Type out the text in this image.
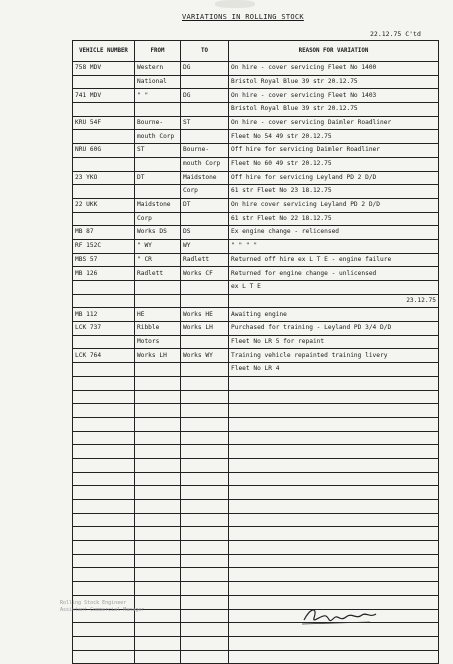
VARIATIONS IN ROLLING STOCK
22.12.75 C'td
VEHICLE NUMBER	FROM	TO	REASON FOR VARIATION
758 MDV	Western	DG	On hire - cover servicing Fleet No 1400
	National		Bristol Royal Blue 39 str 20.12.75
741 MDV	" "	DG	On hire - cover servicing Fleet No 1403
			Bristol Royal Blue 39 str 20.12.75
KRU 54F	Bourne-	ST	On hire - cover servicing Daimler Roadliner
	mouth Corp		Fleet No 54 49 str 20.12.75
NRU 60G	ST	Bourne-	Off hire for servicing Daimler Roadliner
		mouth Corp	Fleet No 60 49 str 20.12.75
23 YKO	DT	Maidstone	Off hire for servicing Leyland PD 2 D/D
		Corp	61 str Fleet No 23 18.12.75
22 UKK	Maidstone	DT	On hire cover servicing Leyland PD 2 D/D
	Corp		61 str Fleet No 22 18.12.75
MB 87	Works DS	DS	Ex engine change - relicensed
RF 152C	" WY	WY	" " " "
MBS 57	" CR	Radlett	Returned off hire ex L T E - engine failure
MB 126	Radlett	Works CF	Returned for engine change - unlicensed
			ex L T E
			23.12.75
MB 112	HE	Works HE	Awaiting engine
LCK 737	Ribble	Works LH	Purchased for training - Leyland PD 3/4 D/D
	Motors		Fleet No LR 5 for repaint
LCK 764	Works LH	Works WY	Training vehicle repainted training livery
			Fleet No LR 4

Rolling Stock Engineer
Assistant Commercial Manager
